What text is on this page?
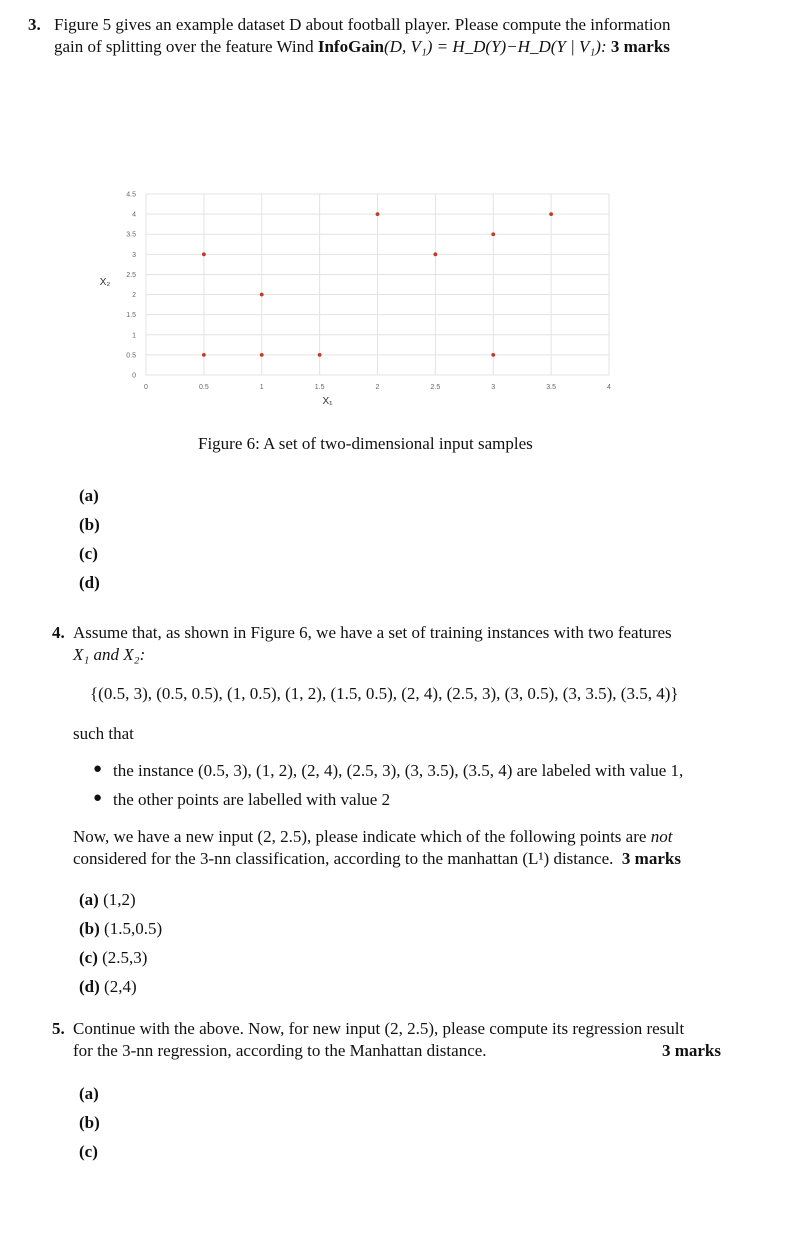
3. Figure 5 gives an example dataset D about football player. Please compute the information
gain of splitting over the feature Wind InfoGain(D, V₁) = H_D(Y)−H_D(Y | V₁): 3 marks
0
0.5
1
1.5
2
2.5
3
3.5
4
4.5
0	0.5	1	1.5	2	2.5	3	3.5	4
X₁
X₂
Figure 6: A set of two-dimensional input samples
(a)
(b)
(c)
(d)
4. Assume that, as shown in Figure 6, we have a set of training instances with two features
X₁ and X₂:
{(0.5, 3), (0.5, 0.5), (1, 0.5), (1, 2), (1.5, 0.5), (2, 4), (2.5, 3), (3, 0.5), (3, 3.5), (3.5, 4)}
such that
● the instance (0.5, 3), (1, 2), (2, 4), (2.5, 3), (3, 3.5), (3.5, 4) are labeled with value 1,
● the other points are labelled with value 2
Now, we have a new input (2, 2.5), please indicate which of the following points are not
considered for the 3-nn classification, according to the manhattan (L¹) distance. 3 marks
(a) (1,2)
(b) (1.5,0.5)
(c) (2.5,3)
(d) (2,4)
5. Continue with the above. Now, for new input (2, 2.5), please compute its regression result
for the 3-nn regression, according to the Manhattan distance.	3 marks
(a)
(b)
(c)
